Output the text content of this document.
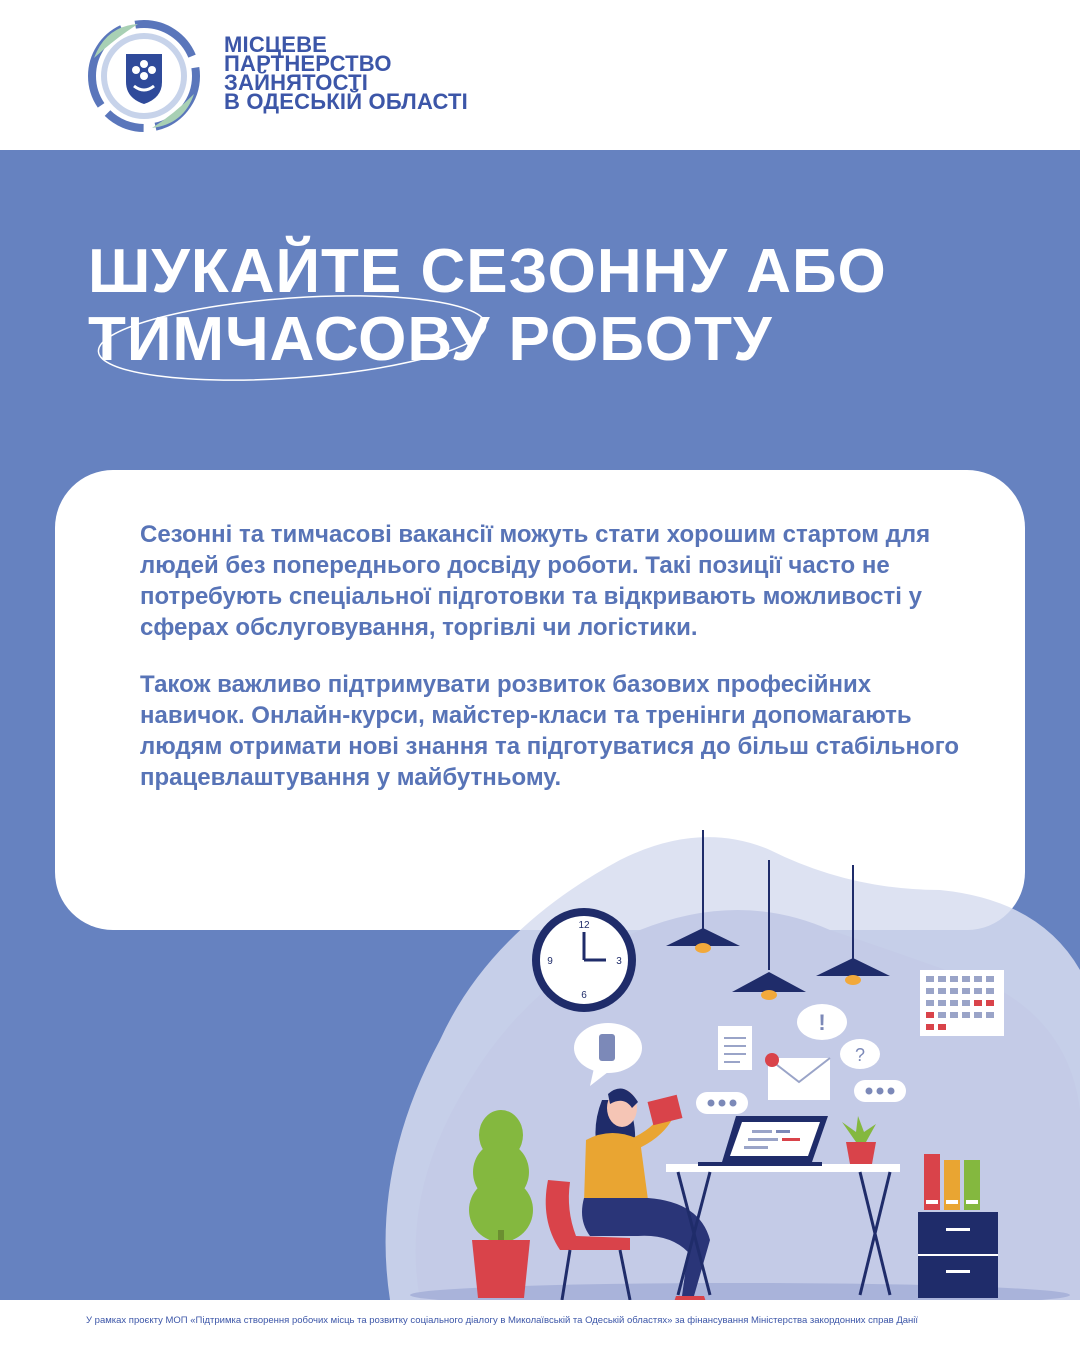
МІСЦЕВЕ
ПАРТНЕРСТВО
ЗАЙНЯТОСТІ
В ОДЕСЬКІЙ ОБЛАСТІ
ШУКАЙТЕ СЕЗОННУ АБО
ТИМЧАСОВУ РОБОТУ
12
3
6
9
!
?

Сезонні та тимчасові вакансії можуть стати хорошим стартом для людей без попереднього досвіду роботи. Такі позиції часто не потребують спеціальної підготовки та відкривають можливості у сферах обслуговування, торгівлі чи логістики.

Також важливо підтримувати розвиток базових професійних навичок. Онлайн-курси, майстер-класи та тренінги допомагають людям отримати нові знання та підготуватися до більш стабільного працевлаштування у майбутньому.

У рамках проєкту МОП «Підтримка створення робочих місць та розвитку соціального діалогу в Миколаївській та Одеській областях» за фінансування Міністерства закордонних справ Данії
